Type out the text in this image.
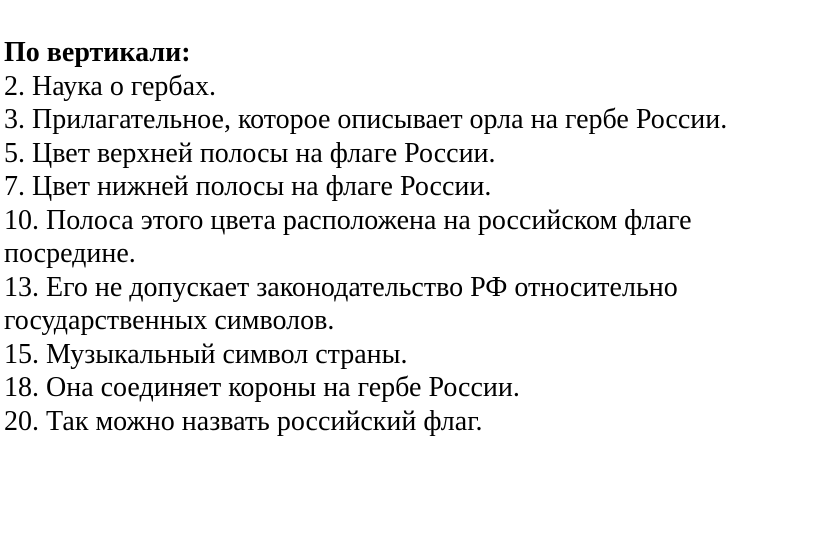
По вертикали:
2. Наука о гербах.
3. Прилагательное, которое описывает орла на гербе России.
5. Цвет верхней полосы на флаге России.
7. Цвет нижней полосы на флаге России.
10. Полоса этого цвета расположена на российском флаге посредине.
13. Его не допускает законодательство РФ относительно государственных символов.
15. Музыкальный символ страны.
18. Она соединяет короны на гербе России.
20. Так можно назвать российский флаг.
